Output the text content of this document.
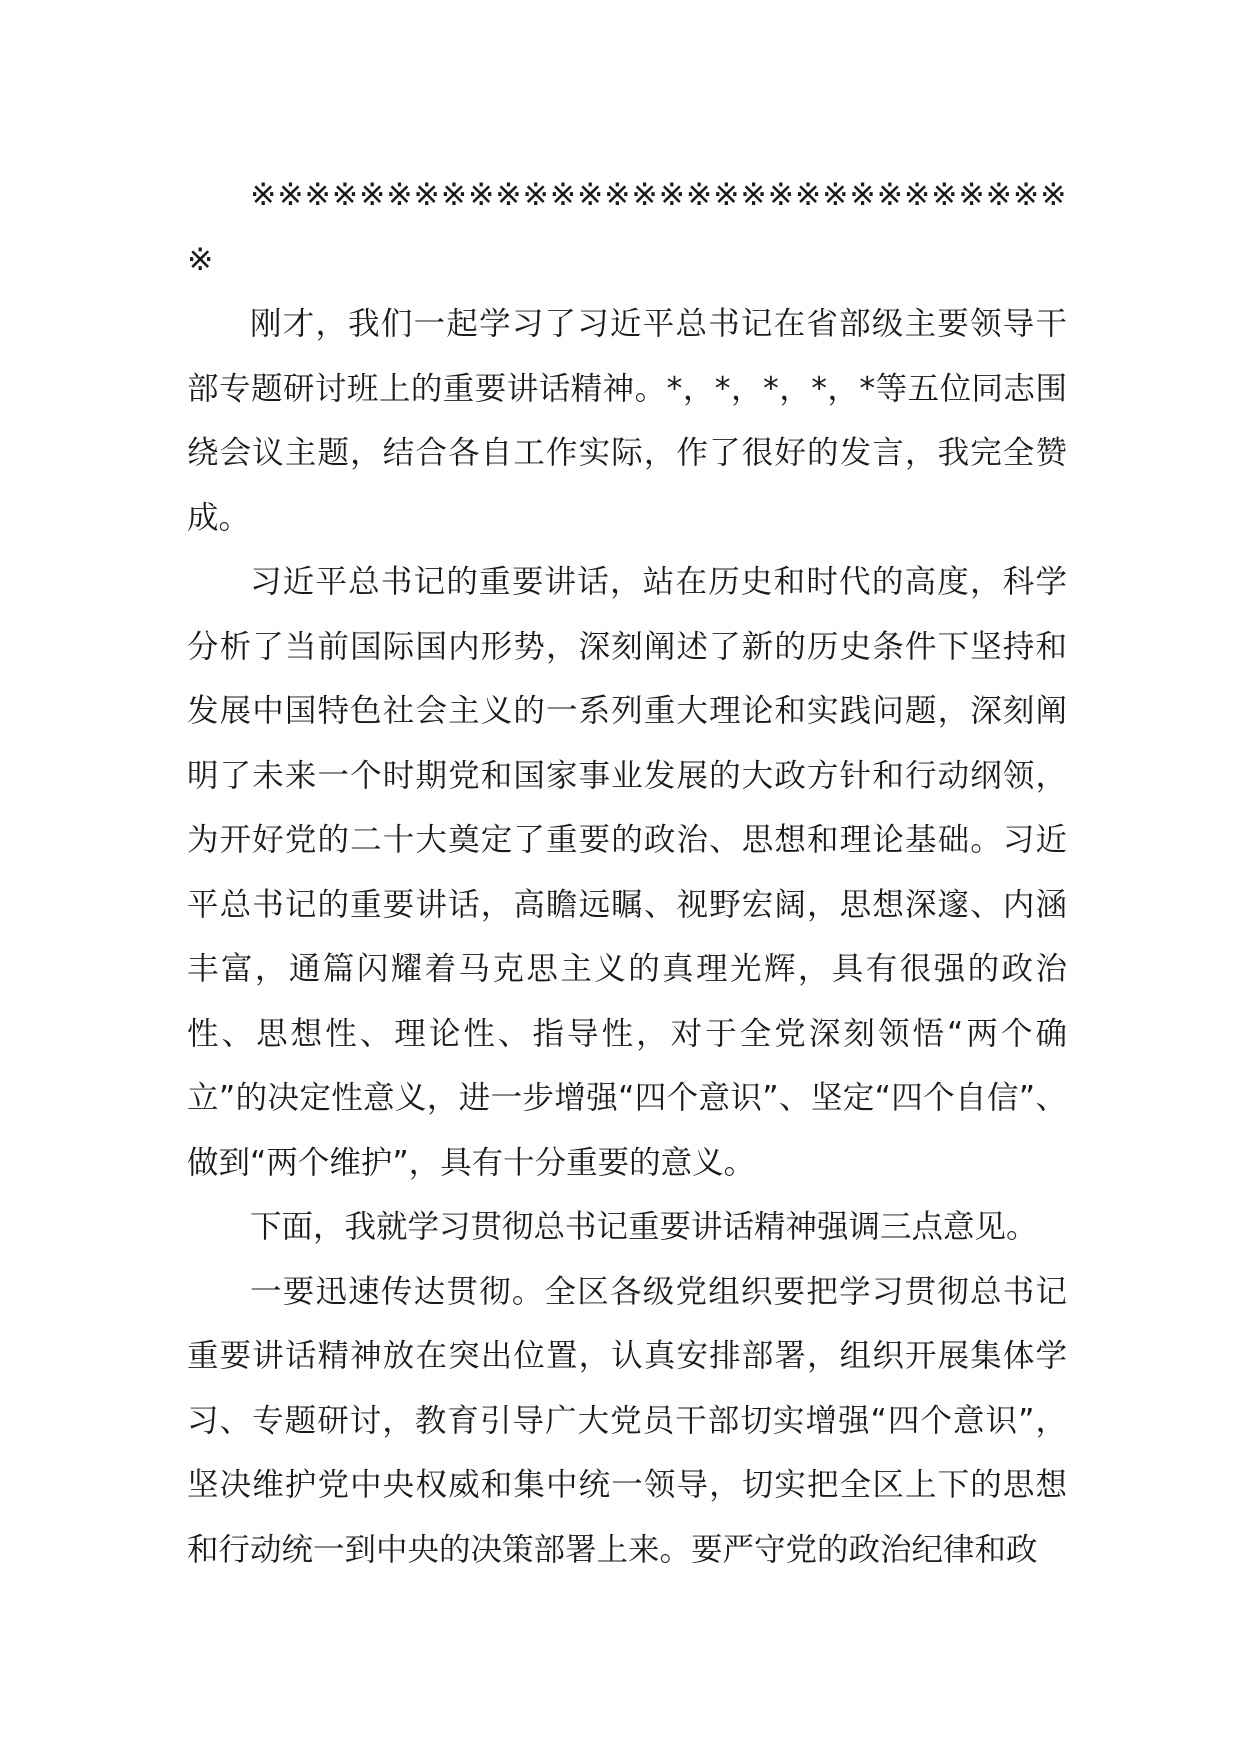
※※※※※※※※※※※※※※※※※※※※※※※※※※※※※※※

刚才，我们一起学习了习近平总书记在省部级主要领导干部专题研讨班上的重要讲话精神。*，*，*，*，*等五位同志围绕会议主题，结合各自工作实际，作了很好的发言，我完全赞成。

习近平总书记的重要讲话，站在历史和时代的高度，科学分析了当前国际国内形势，深刻阐述了新的历史条件下坚持和发展中国特色社会主义的一系列重大理论和实践问题，深刻阐明了未来一个时期党和国家事业发展的大政方针和行动纲领，为开好党的二十大奠定了重要的政治、思想和理论基础。习近平总书记的重要讲话，高瞻远瞩、视野宏阔，思想深邃、内涵丰富，通篇闪耀着马克思主义的真理光辉，具有很强的政治性、思想性、理论性、指导性，对于全党深刻领悟“两个确立”的决定性意义，进一步增强“四个意识”、坚定“四个自信”、做到“两个维护”，具有十分重要的意义。

下面，我就学习贯彻总书记重要讲话精神强调三点意见。

一要迅速传达贯彻。全区各级党组织要把学习贯彻总书记重要讲话精神放在突出位置，认真安排部署，组织开展集体学习、专题研讨，教育引导广大党员干部切实增强“四个意识”，坚决维护党中央权威和集中统一领导，切实把全区上下的思想和行动统一到中央的决策部署上来。要严守党的政治纪律和政
